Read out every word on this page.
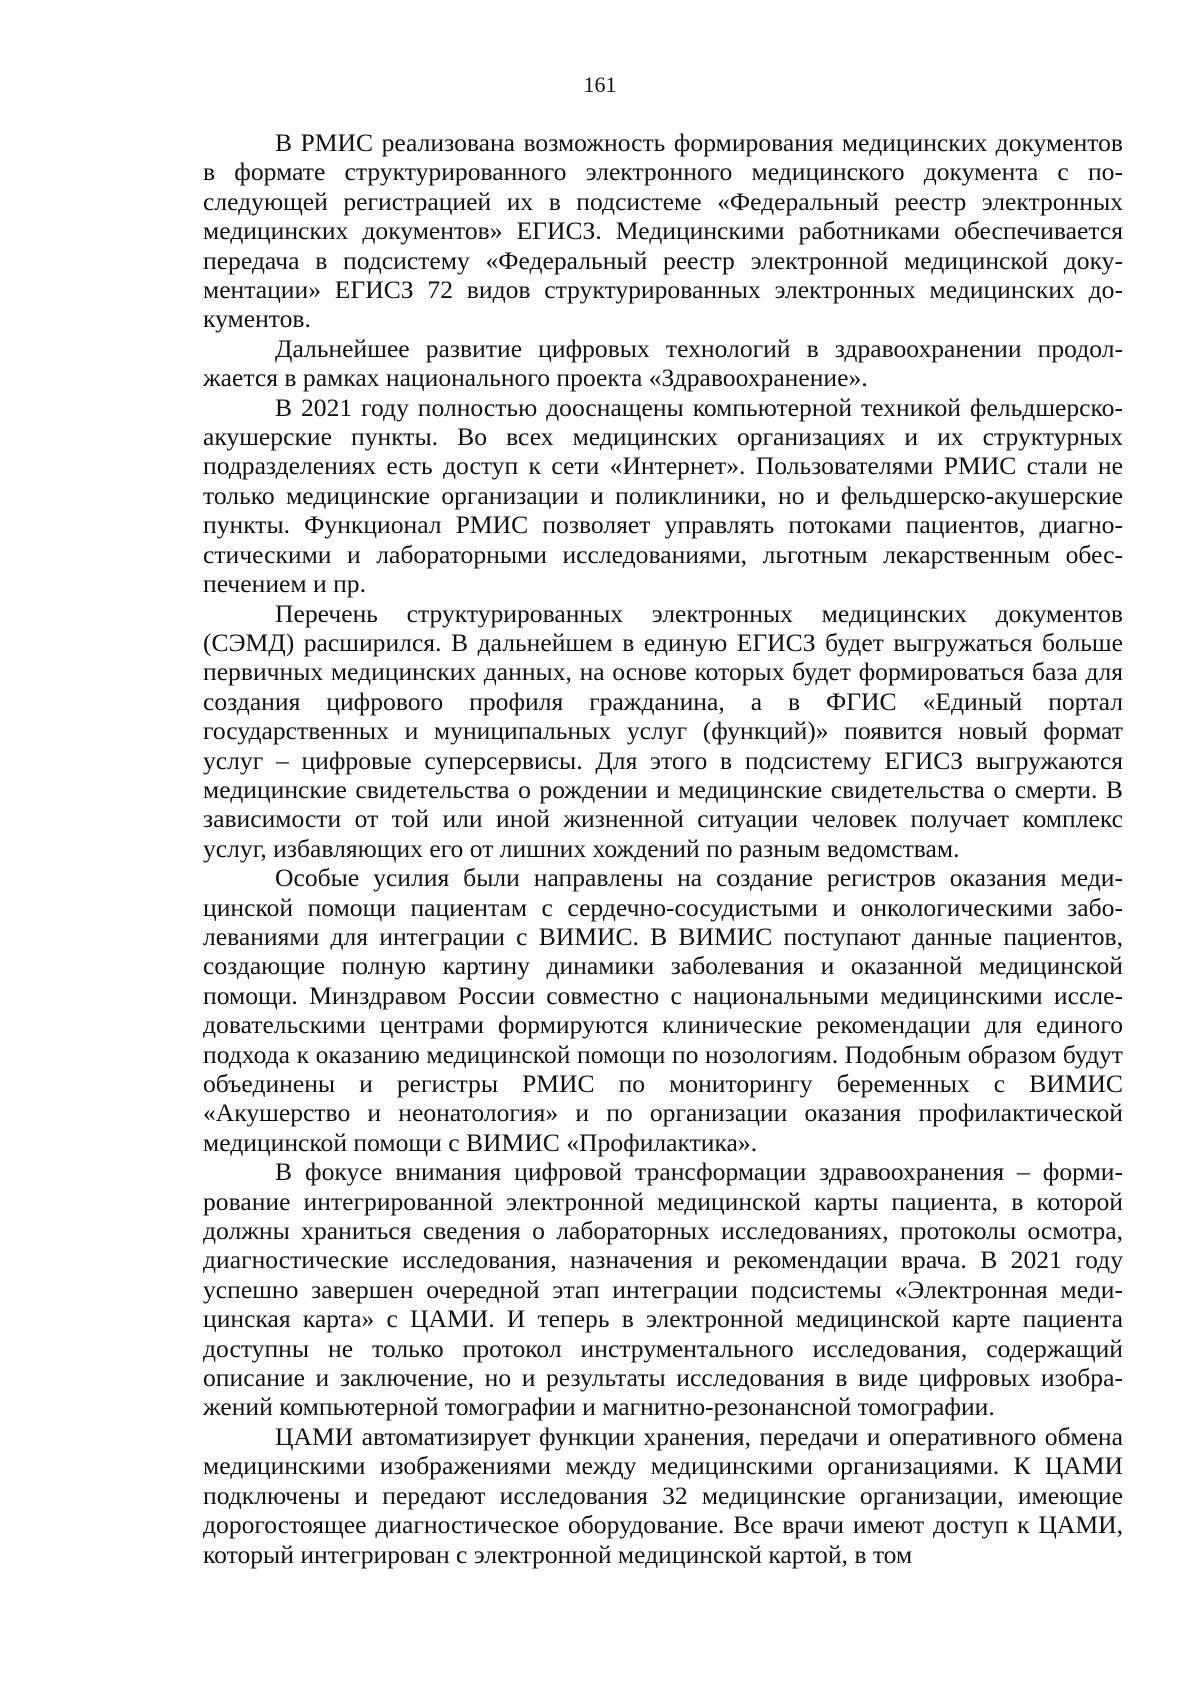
161

В РМИС реализована возможность формирования медицинских документов в формате структурированного электронного медицинского документа с последующей регистрацией их в подсистеме «Федеральный реестр электронных медицинских документов» ЕГИСЗ. Медицинскими работниками обеспечивается передача в подсистему «Федеральный реестр электронной медицинской документации» ЕГИСЗ 72 видов структурированных электронных медицинских документов.

Дальнейшее развитие цифровых технологий в здравоохранении продолжается в рамках национального проекта «Здравоохранение».

В 2021 году полностью дооснащены компьютерной техникой фельдшерско-акушерские пункты. Во всех медицинских организациях и их структурных подразделениях есть доступ к сети «Интернет». Пользователями РМИС стали не только медицинские организации и поликлиники, но и фельдшерско-акушерские пункты. Функционал РМИС позволяет управлять потоками пациентов, диагностическими и лабораторными исследованиями, льготным лекарственным обеспечением и пр.

Перечень структурированных электронных медицинских документов (СЭМД) расширился. В дальнейшем в единую ЕГИСЗ будет выгружаться больше первичных медицинских данных, на основе которых будет формироваться база для создания цифрового профиля гражданина, а в ФГИС «Единый портал государственных и муниципальных услуг (функций)» появится новый формат услуг – цифровые суперсервисы. Для этого в подсистему ЕГИСЗ выгружаются медицинские свидетельства о рождении и медицинские свидетельства о смерти. В зависимости от той или иной жизненной ситуации человек получает комплекс услуг, избавляющих его от лишних хождений по разным ведомствам.

Особые усилия были направлены на создание регистров оказания медицинской помощи пациентам с сердечно-сосудистыми и онкологическими заболеваниями для интеграции с ВИМИС. В ВИМИС поступают данные пациентов, создающие полную картину динамики заболевания и оказанной медицинской помощи. Минздравом России совместно с национальными медицинскими исследовательскими центрами формируются клинические рекомендации для единого подхода к оказанию медицинской помощи по нозологиям. Подобным образом будут объединены и регистры РМИС по мониторингу беременных с ВИМИС «Акушерство и неонатология» и по организации оказания профилактической медицинской помощи с ВИМИС «Профилактика».

В фокусе внимания цифровой трансформации здравоохранения – формирование интегрированной электронной медицинской карты пациента, в которой должны храниться сведения о лабораторных исследованиях, протоколы осмотра, диагностические исследования, назначения и рекомендации врача. В 2021 году успешно завершен очередной этап интеграции подсистемы «Электронная медицинская карта» с ЦАМИ. И теперь в электронной медицинской карте пациента доступны не только протокол инструментального исследования, содержащий описание и заключение, но и результаты исследования в виде цифровых изображений компьютерной томографии и магнитно-резонансной томографии.

ЦАМИ автоматизирует функции хранения, передачи и оперативного обмена медицинскими изображениями между медицинскими организациями. К ЦАМИ подключены и передают исследования 32 медицинские организации, имеющие дорогостоящее диагностическое оборудование. Все врачи имеют доступ к ЦАМИ, который интегрирован с электронной медицинской картой, в том
